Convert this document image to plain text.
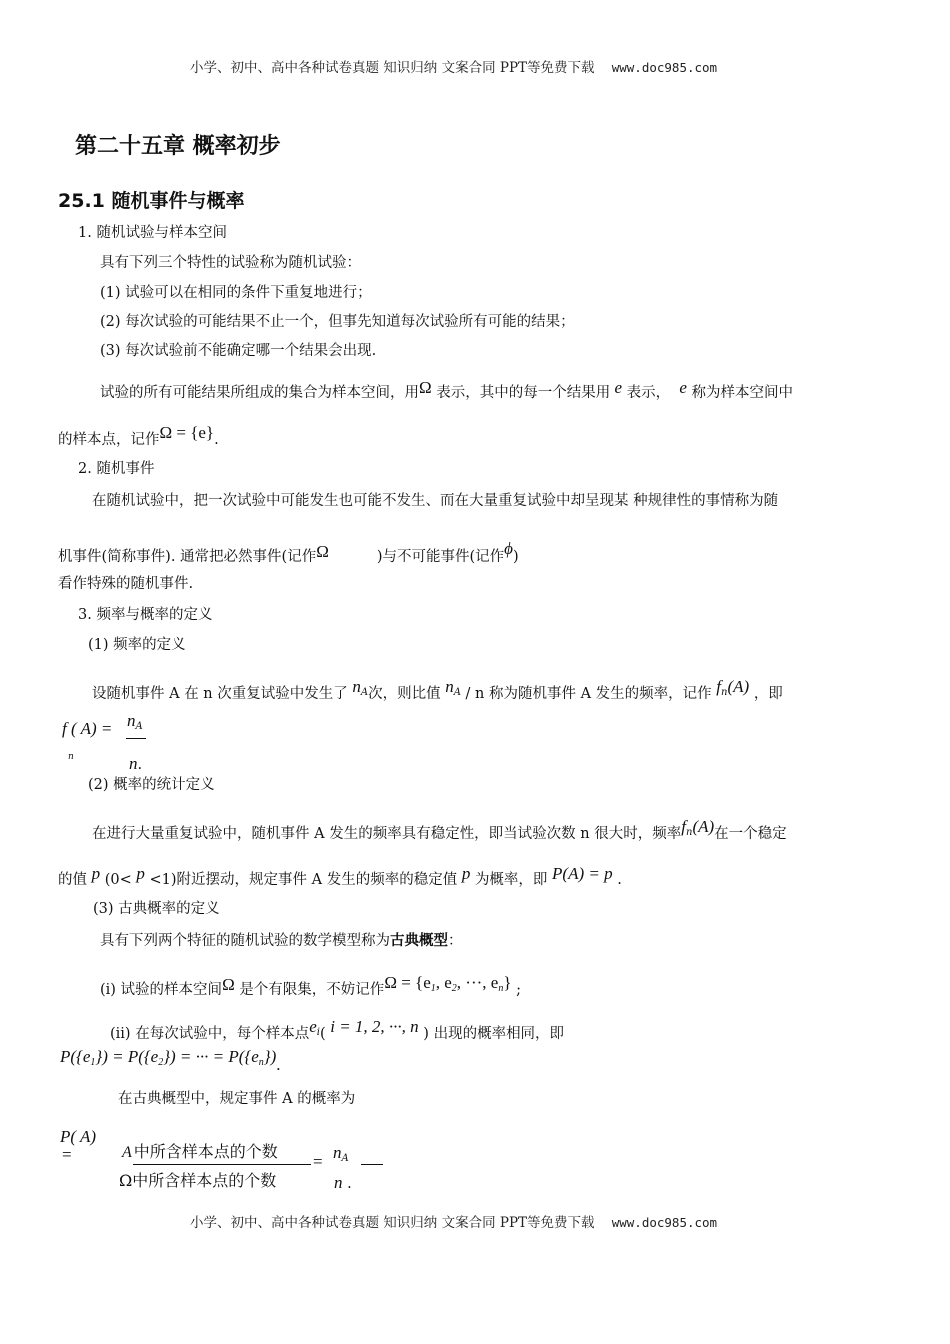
小学、初中、高中各种试卷真题 知识归纳 文案合同 PPT等免费下载 www.doc985.com
第二十五章 概率初步
25.1 随机事件与概率
1. 随机试验与样本空间
具有下列三个特性的试验称为随机试验：
(1) 试验可以在相同的条件下重复地进行；
(2) 每次试验的可能结果不止一个，但事先知道每次试验所有可能的结果；
(3) 每次试验前不能确定哪一个结果会出现.
试验的所有可能结果所组成的集合为样本空间，用Ω 表示，其中的每一个结果用 e 表示， e 称为样本空间中
的样本点，记作Ω = {e}.
2. 随机事件
在随机试验中，把一次试验中可能发生也可能不发生、而在大量重复试验中却呈现某 种规律性的事情称为随
机事件(简称事件). 通常把必然事件(记作Ω	)与不可能事件(记作ϕ)
看作特殊的随机事件.
3. 频率与概率的定义
(1) 频率的定义
设随机事件 A 在 n 次重复试验中发生了 $n_A$次，则比值 $n_A$ / n 称为随机事件 A 发生的频率，记作 $f_n(A)$ ，即
f ( $A) = n_A$
n	n.
(2) 概率的统计定义
在进行大量重复试验中，随机事件 A 发生的频率具有稳定性，即当试验次数 n 很大时，频率$f_n(A)$在一个稳定
的值 p (0< p <1)附近摆动，规定事件 A 发生的频率的稳定值 p 为概率，即 P(A) = p .
(3) 古典概率的定义
具有下列两个特征的随机试验的数学模型称为古典概型：
(i) 试验的样本空间Ω 是个有限集，不妨记作$\Omega = \{e_1$, $e_2$, ···, $e_n$} ;
(ii) 在每次试验中，每个样本点$e_i$( i = 1, 2, ···, n ) 出现的概率相同，即
$P(\{e_1\}) = P(\{e_2\})$ = ··· = $P(\{e_n\})$.
在古典概型中，规定事件 A 的概率为
P( A)
=	A 中所含样本点的个数
Ω中所含样本点的个数
= $n_A$
n .
小学、初中、高中各种试卷真题 知识归纳 文案合同 PPT等免费下载 www.doc985.com
